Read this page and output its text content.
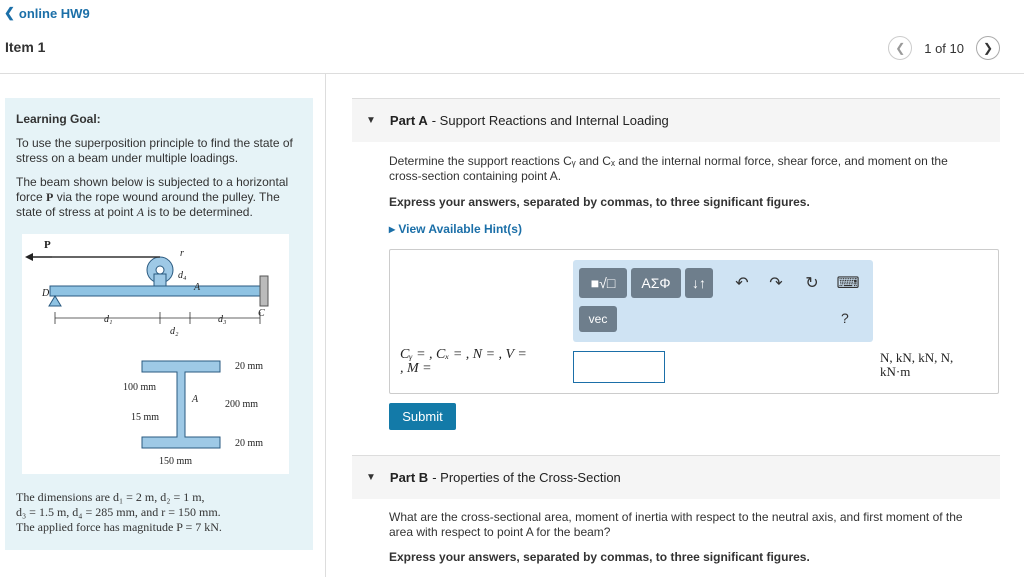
❮ online HW9
Item 1	❮	1 of 10	❯
Learning Goal:

To use the superposition principle to find the state of stress on a beam under multiple loadings.

The beam shown below is subjected to a horizontal force P via the rope wound around the pulley. The state of stress at point A is to be determined.

P
r
d₄
A
D
C
d₁
d₂
d₃
A
20 mm
100 mm
200 mm
15 mm
20 mm
150 mm
The dimensions are d₁ = 2 m, d₂ = 1 m,
d₃ = 1.5 m, d₄ = 285 mm, and r = 150 mm.
The applied force has magnitude P = 7 kN.
▼ Part A - Support Reactions and Internal Loading
Determine the support reactions Cᵧ and Cₓ and the internal normal force, shear force, and moment on the
cross-section containing point A.
Express your answers, separated by commas, to three significant figures.
▸ View Available Hint(s)
■√□	ΑΣΦ	↓↑	↶ ↷ ↻ ⌨
vec	?
Cᵧ = , Cₓ = , N = , V =
, M =
N, kN, kN, N,
kN·m
Submit
▼ Part B - Properties of the Cross-Section
What are the cross-sectional area, moment of inertia with respect to the neutral axis, and first moment of the
area with respect to point A for the beam?
Express your answers, separated by commas, to three significant figures.
